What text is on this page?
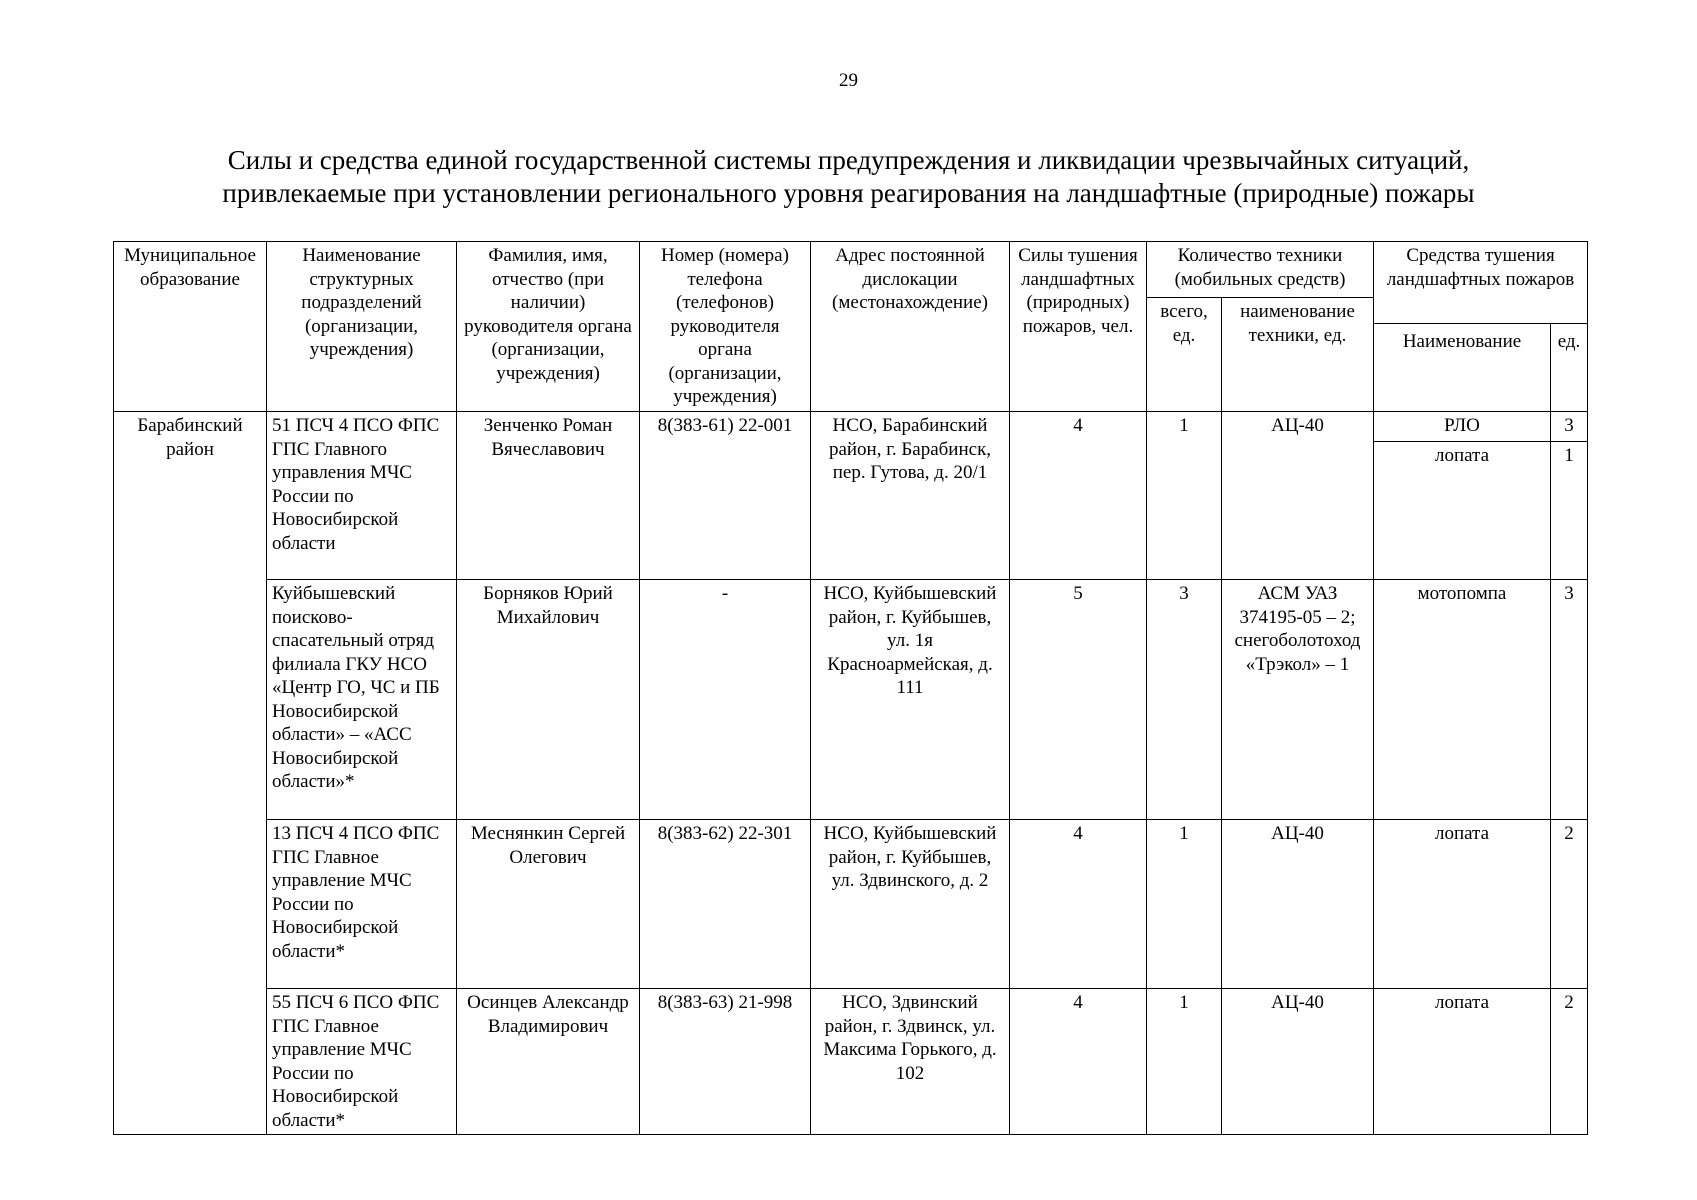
29
Силы и средства единой государственной системы предупреждения и ликвидации чрезвычайных ситуаций,
привлекаемые при установлении регионального уровня реагирования на ландшафтные (природные) пожары
Муниципальное образование	Наименование структурных подразделений (организации, учреждения)	Фамилия, имя, отчество (при наличии) руководителя органа (организации, учреждения)	Номер (номера) телефона (телефонов) руководителя органа (организации, учреждения)	Адрес постоянной дислокации (местонахождение)	Силы тушения ландшафтных (природных) пожаров, чел.	Количество техники (мобильных средств)		Средства тушения ландшафтных пожаров	
						всего, ед.	наименование техники, ед.		
								Наименование	ед.
Барабинский район	51 ПСЧ 4 ПСО ФПС ГПС Главного управления МЧС России по Новосибирской области	Зенченко Роман Вячеславович	8(383-61) 22-001	НСО, Барабинский район, г. Барабинск, пер. Гутова, д. 20/1	4	1	АЦ-40	РЛО	3
								лопата	1
	Куйбышевский поисково-спасательный отряд филиала ГКУ НСО «Центр ГО, ЧС и ПБ Новосибирской области» – «АСС Новосибирской области»*	Борняков Юрий Михайлович	-	НСО, Куйбышевский район, г. Куйбышев, ул. 1я Красноармейская, д. 111	5	3	АСМ УАЗ 374195-05 – 2; снегоболотоход «Трэкол» – 1	мотопомпа	3
	13 ПСЧ 4 ПСО ФПС ГПС Главное управление МЧС России по Новосибирской области*	Меснянкин Сергей Олегович	8(383-62) 22-301	НСО, Куйбышевский район, г. Куйбышев, ул. Здвинского, д. 2	4	1	АЦ-40	лопата	2
	55 ПСЧ 6 ПСО ФПС ГПС Главное управление МЧС России по Новосибирской области*	Осинцев Александр Владимирович	8(383-63) 21-998	НСО, Здвинский район, г. Здвинск, ул. Максима Горького, д. 102	4	1	АЦ-40	лопата	2
